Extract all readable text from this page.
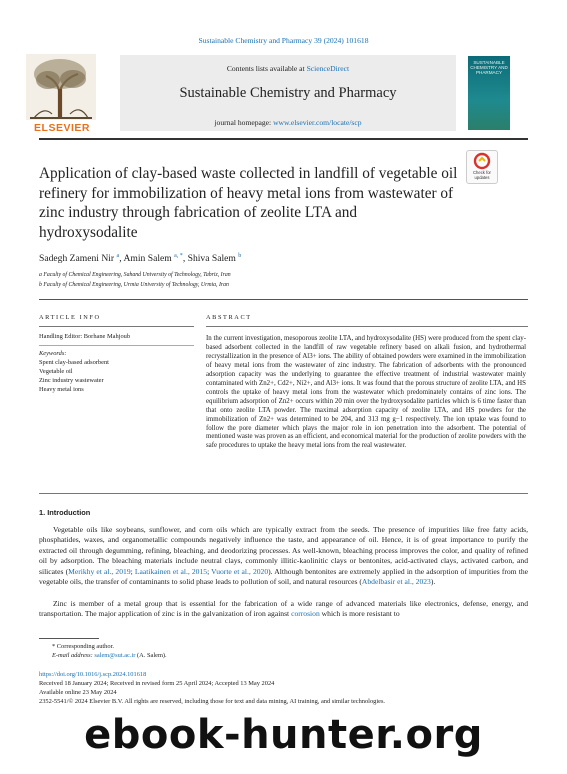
Sustainable Chemistry and Pharmacy 39 (2024) 101618
ELSEVIER
Contents lists available at ScienceDirect
Sustainable Chemistry and Pharmacy
journal homepage: www.elsevier.com/locate/scp
SUSTAINABLE CHEMISTRY AND PHARMACY
Application of clay-based waste collected in landfill of vegetable oil refinery for immobilization of heavy metal ions from wastewater of zinc industry through fabrication of zeolite LTA and hydroxysodalite
Check for updates
Sadegh Zameni Nir $^a$, Amin Salem $^{a, *}$, Shiva Salem $^b$
a Faculty of Chemical Engineering, Sahand University of Technology, Tabriz, Iran
b Faculty of Chemical Engineering, Urmia University of Technology, Urmia, Iran
ARTICLE INFO
Handling Editor: Borhane Mahjoub
Keywords:
Spent clay-based adsorbent
Vegetable oil
Zinc industry wastewater
Heavy metal ions
ABSTRACT
In the current investigation, mesoporous zeolite LTA, and hydroxysodalite (HS) were produced from the spent clay-based adsorbent collected in the landfill of raw vegetable refinery based on alkali fusion, and hydrothermal recrystallization in the presence of Al3+ ions. The ability of obtained powders were examined in the immobilization of heavy metal ions from the wastewater of zinc industry. The fabrication of adsorbents with the pronounced adsorption capacity was the underlying to guarantee the effective treatment of industrial wastewater mainly contaminated with Zn2+, Cd2+, Ni2+, and Al3+ ions. It was found that the porous structure of zeolite LTA, and HS controls the uptake of heavy metal ions from the wastewater which predominately contains of zinc ions. The equilibrium adsorption of Zn2+ occurs within 20 min over the hydroxysodalite particles which is 6 time faster than that onto zeolite LTA powder. The maximal adsorption capacity of zeolite LTA, and HS powders for the immobilization of Zn2+ was determined to be 204, and 313 mg g−1 respectively. The ion uptake was found to follow the pore diameter which plays the major role in ion penetration into the adsorbent. The potential of mentioned waste was proven as an efficient, and economical material for the production of zeolite powders with the safe procedures to uptake the heavy metal ions from the real wastewater.
1. Introduction
Vegetable oils like soybeans, sunflower, and corn oils which are typically extract from the seeds. The presence of impurities like free fatty acids, phosphatides, waxes, and organometallic compounds negatively influence the taste, and appearance of oil. Hence, it is of great importance to purify the extracted oil through degumming, refining, bleaching, and deodorizing processes. As well-known, bleaching process improves the color, and quality of refined oil by adsorption. The bleaching materials include neutral clays, commonly illitic-kaolinitic clays or bentonites, acid-activated clays, activated carbon, and silicates (Merikhy et al., 2019; Laatikainen et al., 2015; Vuorte et al., 2020). Although bentonites are extremely applied in the adsorption of impurities from the vegetable oils, the transfer of contaminants to solid phase leads to pollution of soil, and natural resources (Abdelbasir et al., 2023).
Zinc is member of a metal group that is essential for the fabrication of a wide range of advanced materials like electronics, defense, energy, and transportation. The major application of zinc is in the galvanization of iron against corrosion which is more resistant to
* Corresponding author.
E-mail address: salem@sut.ac.ir (A. Salem).
https://doi.org/10.1016/j.scp.2024.101618
Received 18 January 2024; Received in revised form 25 April 2024; Accepted 13 May 2024
Available online 23 May 2024
2352-5541/© 2024 Elsevier B.V. All rights are reserved, including those for text and data mining, AI training, and similar technologies.
ebook-hunter.org
